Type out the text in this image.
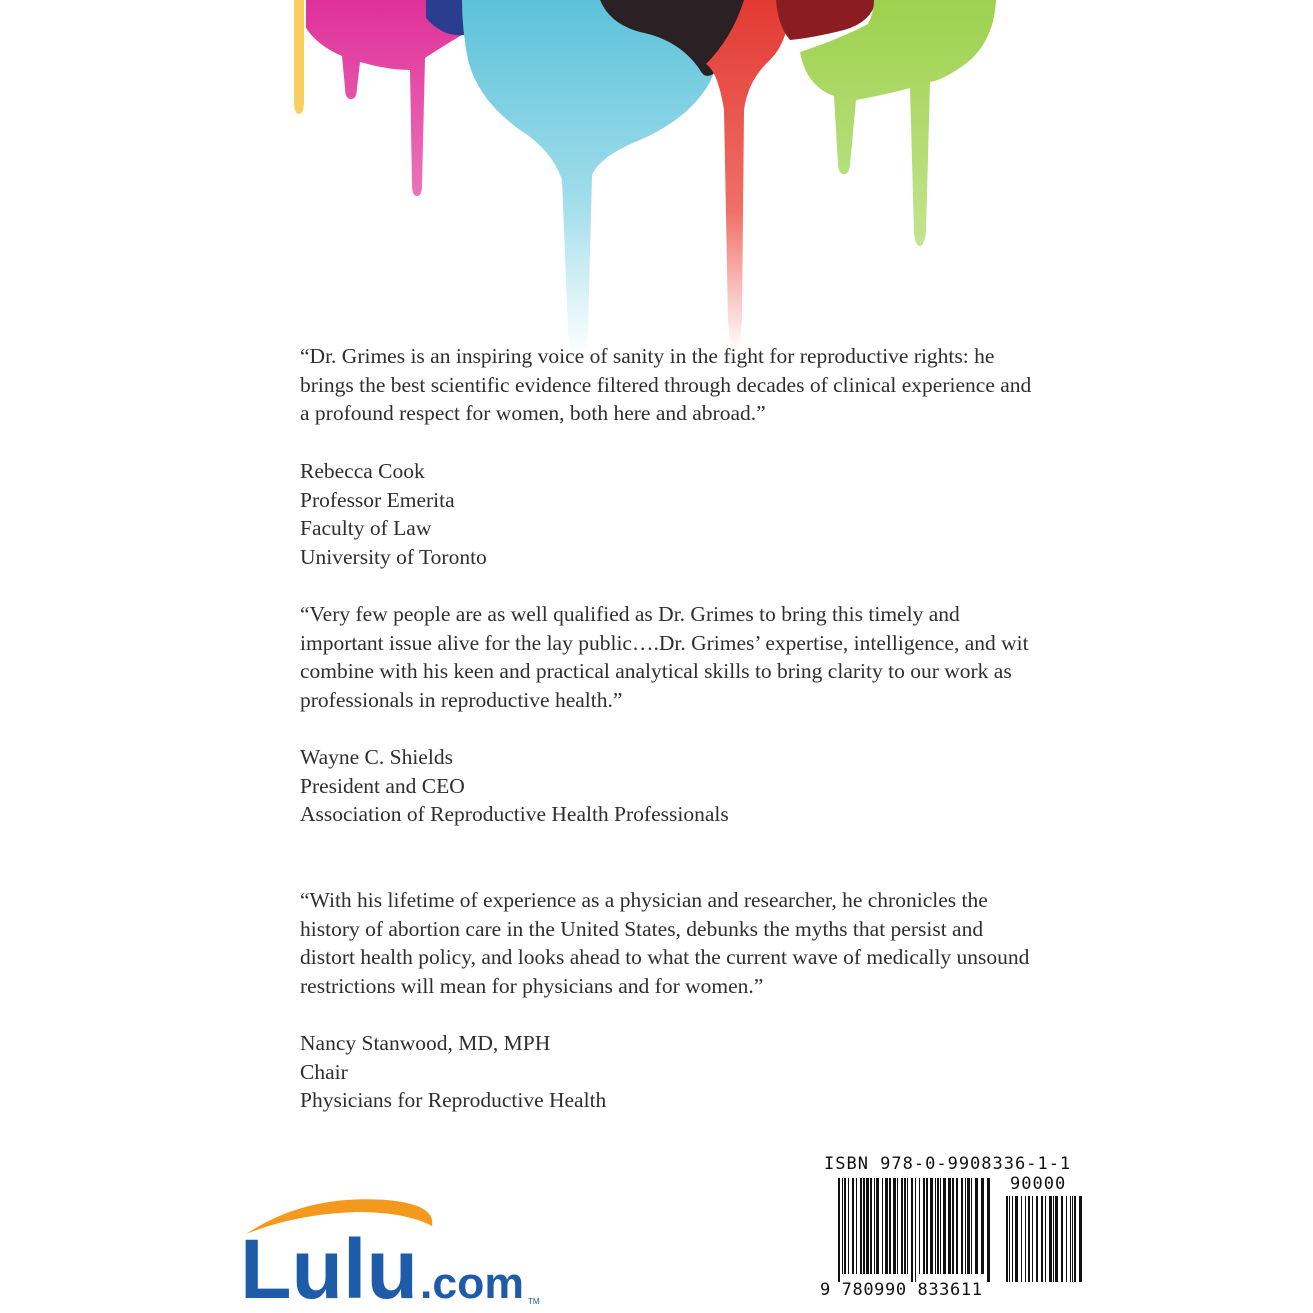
“Dr. Grimes is an inspiring voice of sanity in the fight for reproductive rights: he brings the best scientific evidence filtered through decades of clinical experience and a profound respect for women, both here and abroad.”

Rebecca Cook
Professor Emerita
Faculty of Law
University of Toronto

“Very few people are as well qualified as Dr. Grimes to bring this timely and important issue alive for the lay public….Dr. Grimes’ expertise, intelligence, and wit combine with his keen and practical analytical skills to bring clarity to our work as professionals in reproductive health.”

Wayne C. Shields
President and CEO
Association of Reproductive Health Professionals

“With his lifetime of experience as a physician and researcher, he chronicles the history of abortion care in the United States, debunks the myths that persist and distort health policy, and looks ahead to what the current wave of medically unsound restrictions will mean for physicians and for women.”

Nancy Stanwood, MD, MPH
Chair
Physicians for Reproductive Health
ISBN 978-0-9908336-1-1
90000
9 780990 833611
Lulu .com TM
